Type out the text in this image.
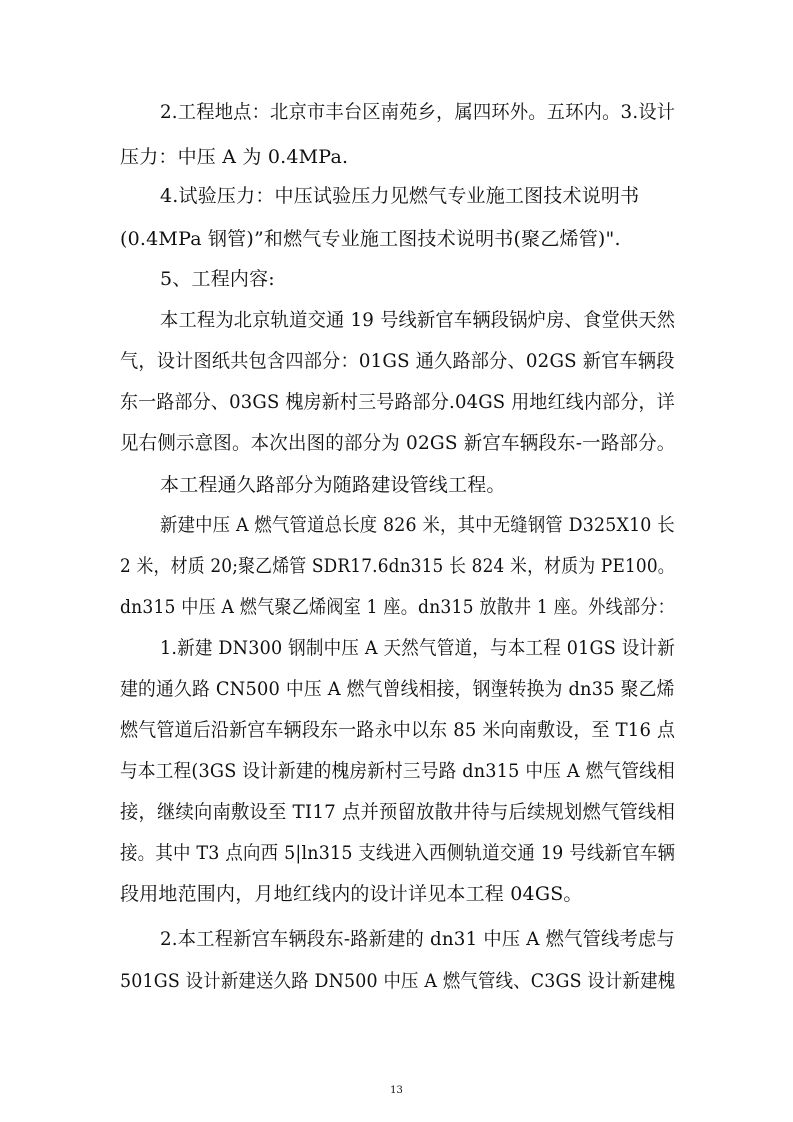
2.工程地点：北京市丰台区南苑乡，属四环外。五环内。3.设计
压力：中压 A 为 0.4MPa.
4.试验压力：中压试验压力见燃气专业施工图技术说明书
(0.4MPa 钢管)”和燃气专业施工图技术说明书(聚乙烯管)".
5、工程内容:
本工程为北京轨道交通 19 号线新官车辆段锅炉房、食堂供天然
气，设计图纸共包含四部分：01GS 通久路部分、02GS 新官车辆段
东一路部分、03GS 槐房新村三号路部分.04GS 用地红线内部分，详
见右侧示意图。本次出图的部分为 02GS 新宫车辆段东-一路部分。
本工程通久路部分为随路建设管线工程。
新建中压 A 燃气管道总长度 826 米，其中无缝钢管 D325X10 长
2 米，材质 20;聚乙烯管 SDR17.6dn315 长 824 米，材质为 PE100。
dn315 中压 A 燃气聚乙烯阀室 1 座。dn315 放散井 1 座。外线部分：
1.新建 DN300 钢制中压 A 天然气管道，与本工程 01GS 设计新
建的通久路 CN500 中压 A 燃气曾线相接，钢塰转换为 dn35 聚乙烯
燃气管道后沿新宫车辆段东一路永中以东 85 米向南敷设，至 T16 点
与本工程(3GS 设计新建的槐房新村三号路 dn315 中压 A 燃气管线相
接，继续向南敷设至 TI17 点并预留放散井待与后续规划燃气管线相
接。其中 T3 点向西 5|ln315 支线进入西侧轨道交通 19 号线新官车辆
段用地范围内，月地红线内的设计详见本工程 04GS。
2.本工程新宫车辆段东-路新建的 dn31 中压 A 燃气管线考虑与
501GS 设计新建送久路 DN500 中压 A 燃气管线、C3GS 设计新建槐
13
